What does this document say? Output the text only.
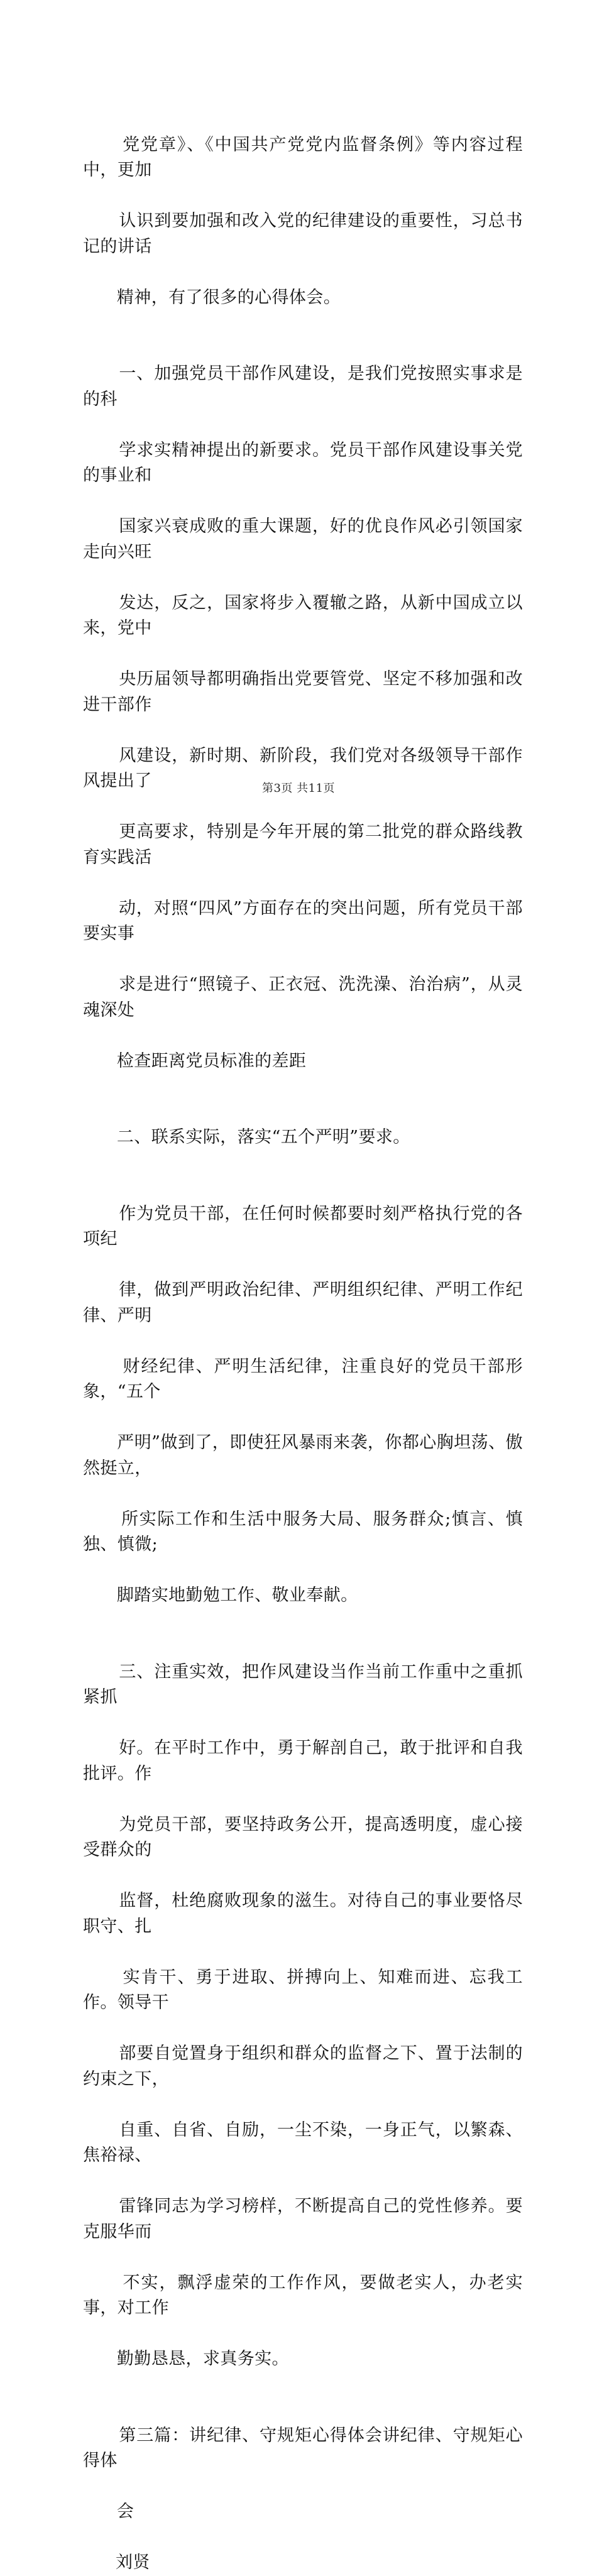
党党章》、《中国共产党党内监督条例》等内容过程中，更加

认识到要加强和改入党的纪律建设的重要性，习总书记的讲话

精神，有了很多的心得体会。

一、加强党员干部作风建设，是我们党按照实事求是的科

学求实精神提出的新要求。党员干部作风建设事关党的事业和

国家兴衰成败的重大课题，好的优良作风必引领国家走向兴旺

发达，反之，国家将步入覆辙之路，从新中国成立以来，党中

央历届领导都明确指出党要管党、坚定不移加强和改进干部作

风建设，新时期、新阶段，我们党对各级领导干部作风提出了

更高要求，特别是今年开展的第二批党的群众路线教育实践活

动，对照“四风”方面存在的突出问题，所有党员干部要实事

求是进行“照镜子、正衣冠、洗洗澡、治治病”，从灵魂深处

检查距离党员标准的差距

二、联系实际，落实“五个严明”要求。

作为党员干部，在任何时候都要时刻严格执行党的各项纪

律，做到严明政治纪律、严明组织纪律、严明工作纪律、严明

财经纪律、严明生活纪律，注重良好的党员干部形象，“五个

严明”做到了，即使狂风暴雨来袭，你都心胸坦荡、傲然挺立，

所实际工作和生活中服务大局、服务群众;慎言、慎独、慎微;

脚踏实地勤勉工作、敬业奉献。

三、注重实效，把作风建设当作当前工作重中之重抓紧抓

好。在平时工作中，勇于解剖自己，敢于批评和自我批评。作

为党员干部，要坚持政务公开，提高透明度，虚心接受群众的

监督，杜绝腐败现象的滋生。对待自己的事业要恪尽职守、扎

实肯干、勇于进取、拼搏向上、知难而进、忘我工作。领导干

部要自觉置身于组织和群众的监督之下、置于法制的约束之下，

自重、自省、自励，一尘不染，一身正气，以繁森、焦裕禄、

雷锋同志为学习榜样，不断提高自己的党性修养。要克服华而

不实，飘浮虚荣的工作作风，要做老实人，办老实事，对工作

勤勤恳恳，求真务实。

第三篇：讲纪律、守规矩心得体会讲纪律、守规矩心得体

会

刘贤

第3页 共11页
